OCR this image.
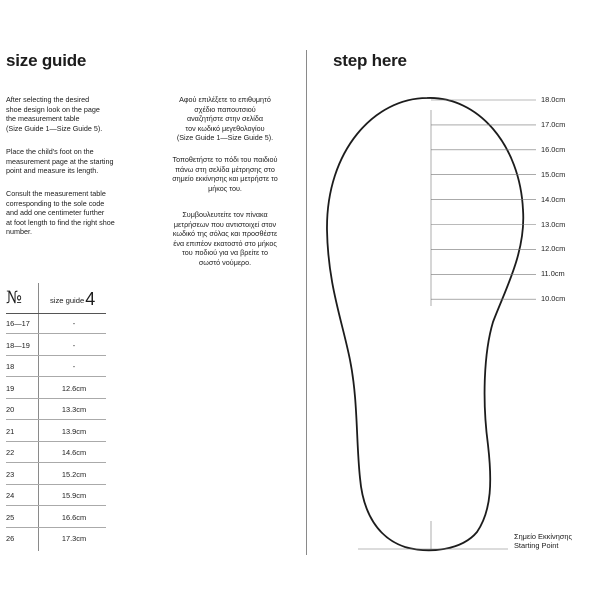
size guide
After selecting the desired
shoe design look on the page
the measurement table
(Size Guide 1—Size Guide 5).
Place the child's foot on the
measurement page at the starting
point and measure its length.
Consult the measurement table
corresponding to the sole code
and add one centimeter further
at foot length to find the right shoe
number.
Αφού επιλέξετε το επιθυμητό
σχέδιο παπουτσιού
αναζητήστε στην σελίδα
τον κωδικό μεγεθολογίου
(Size Guide 1—Size Guide 5).
Τοποθετήστε το πόδι του παιδιού
πάνω στη σελίδα μέτρησης στο
σημείο εκκίνησης και μετρήστε το
μήκος του.
Συμβουλευτείτε τον πίνακα
μετρήσεων που αντιστοιχεί στον
κωδικό της σόλας και προσθέστε
ένα επιπέον εκατοστό στο μήκος
του ποδιού για να βρείτε το
σωστό νούμερο.
№	size guide4
16—17	-
18—19	-
18	-
19	12.6cm
20	13.3cm
21	13.9cm
22	14.6cm
23	15.2cm
24	15.9cm
25	16.6cm
26	17.3cm
step here
18.0cm
17.0cm
16.0cm
15.0cm
14.0cm
13.0cm
12.0cm
11.0cm
10.0cm
Σημείο Εκκίνησης
Starting Point
